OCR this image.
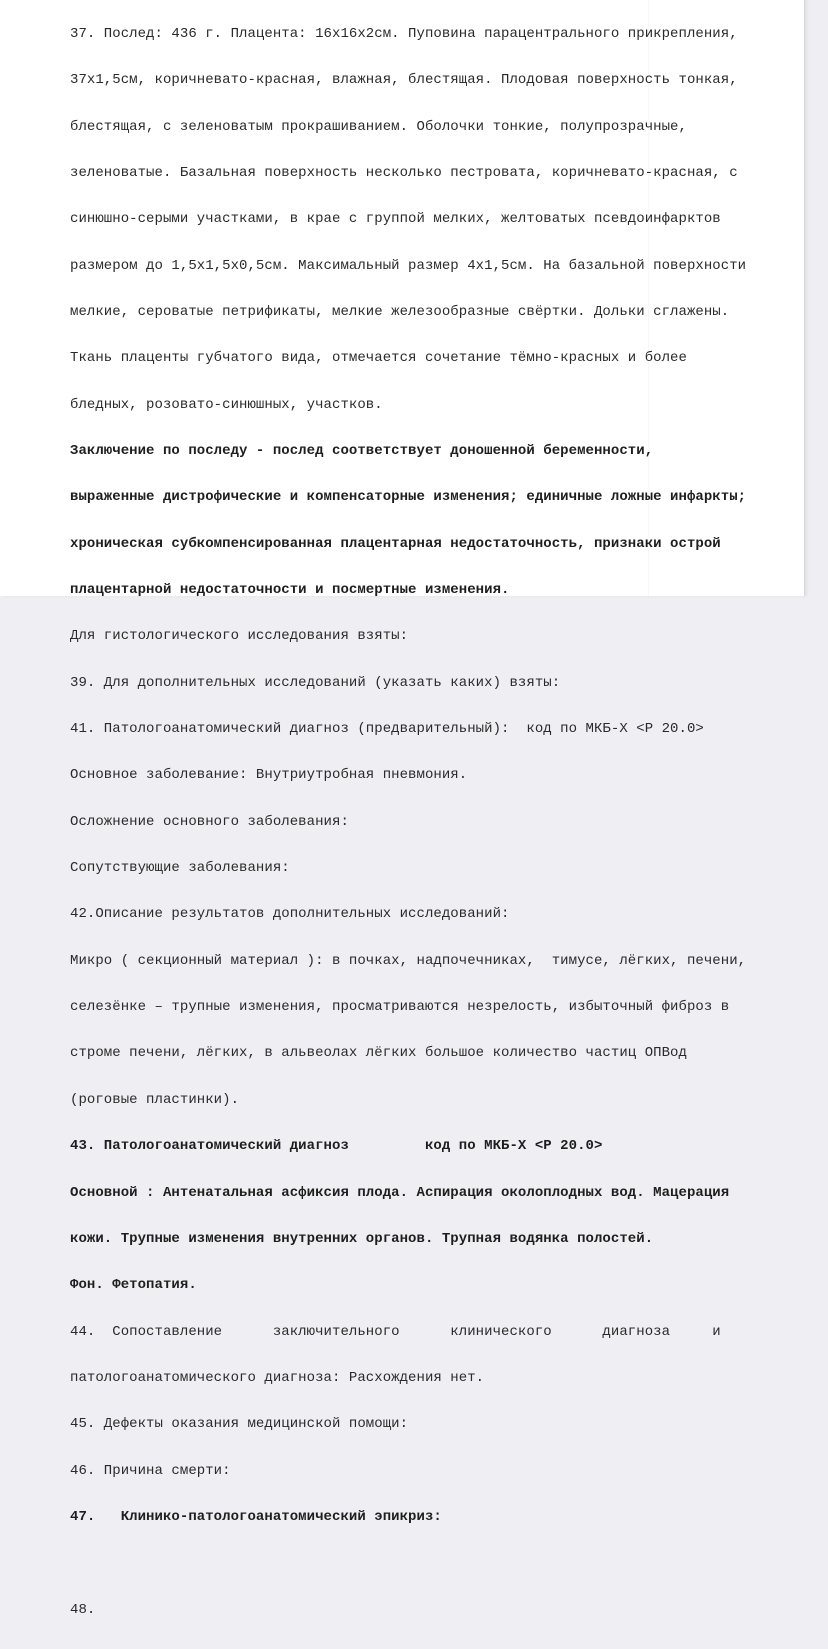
37. Послед: 436 г. Плацента: 16х16х2см. Пуповина парацентрального прикрепления,

37х1,5см, коричневато-красная, влажная, блестящая. Плодовая поверхность тонкая,

блестящая, с зеленоватым прокрашиванием. Оболочки тонкие, полупрозрачные,

зеленоватые. Базальная поверхность несколько пестровата, коричневато-красная, с

синюшно-серыми участками, в крае с группой мелких, желтоватых псевдоинфарктов

размером до 1,5х1,5х0,5см. Максимальный размер 4х1,5см. На базальной поверхности

мелкие, сероватые петрификаты, мелкие железообразные свёртки. Дольки сглажены.

Ткань плаценты губчатого вида, отмечается сочетание тёмно-красных и более

бледных, розовато-синюшных, участков.

Заключение по последу - послед соответствует доношенной беременности,

выраженные дистрофические и компенсаторные изменения; единичные ложные инфаркты;

хроническая субкомпенсированная плацентарная недостаточность, признаки острой

плацентарной недостаточности и посмертные изменения.

Для гистологического исследования взяты:

39. Для дополнительных исследований (указать каких) взяты:

41. Патологоанатомический диагноз (предварительный):  код по МКБ-Х <Р 20.0>

Основное заболевание: Внутриутробная пневмония.

Осложнение основного заболевания:

Сопутствующие заболевания:

42.Описание результатов дополнительных исследований:

Микро ( секционный материал ): в почках, надпочечниках,  тимусе, лёгких, печени,

селезёнке – трупные изменения, просматриваются незрелость, избыточный фиброз в

строме печени, лёгких, в альвеолах лёгких большое количество частиц ОПВод

(роговые пластинки).

43. Патологоанатомический диагноз         код по МКБ-Х <Р 20.0>

Основной : Антенатальная асфиксия плода. Аспирация околоплодных вод. Мацерация

кожи. Трупные изменения внутренних органов. Трупная водянка полостей.

Фон. Фетопатия.

44.  Сопоставление      заключительного      клинического      диагноза     и

патологоанатомического диагноза: Расхождения нет.

45. Дефекты оказания медицинской помощи:

46. Причина смерти:

47.   Клинико-патологоанатомический эпикриз:

48.
